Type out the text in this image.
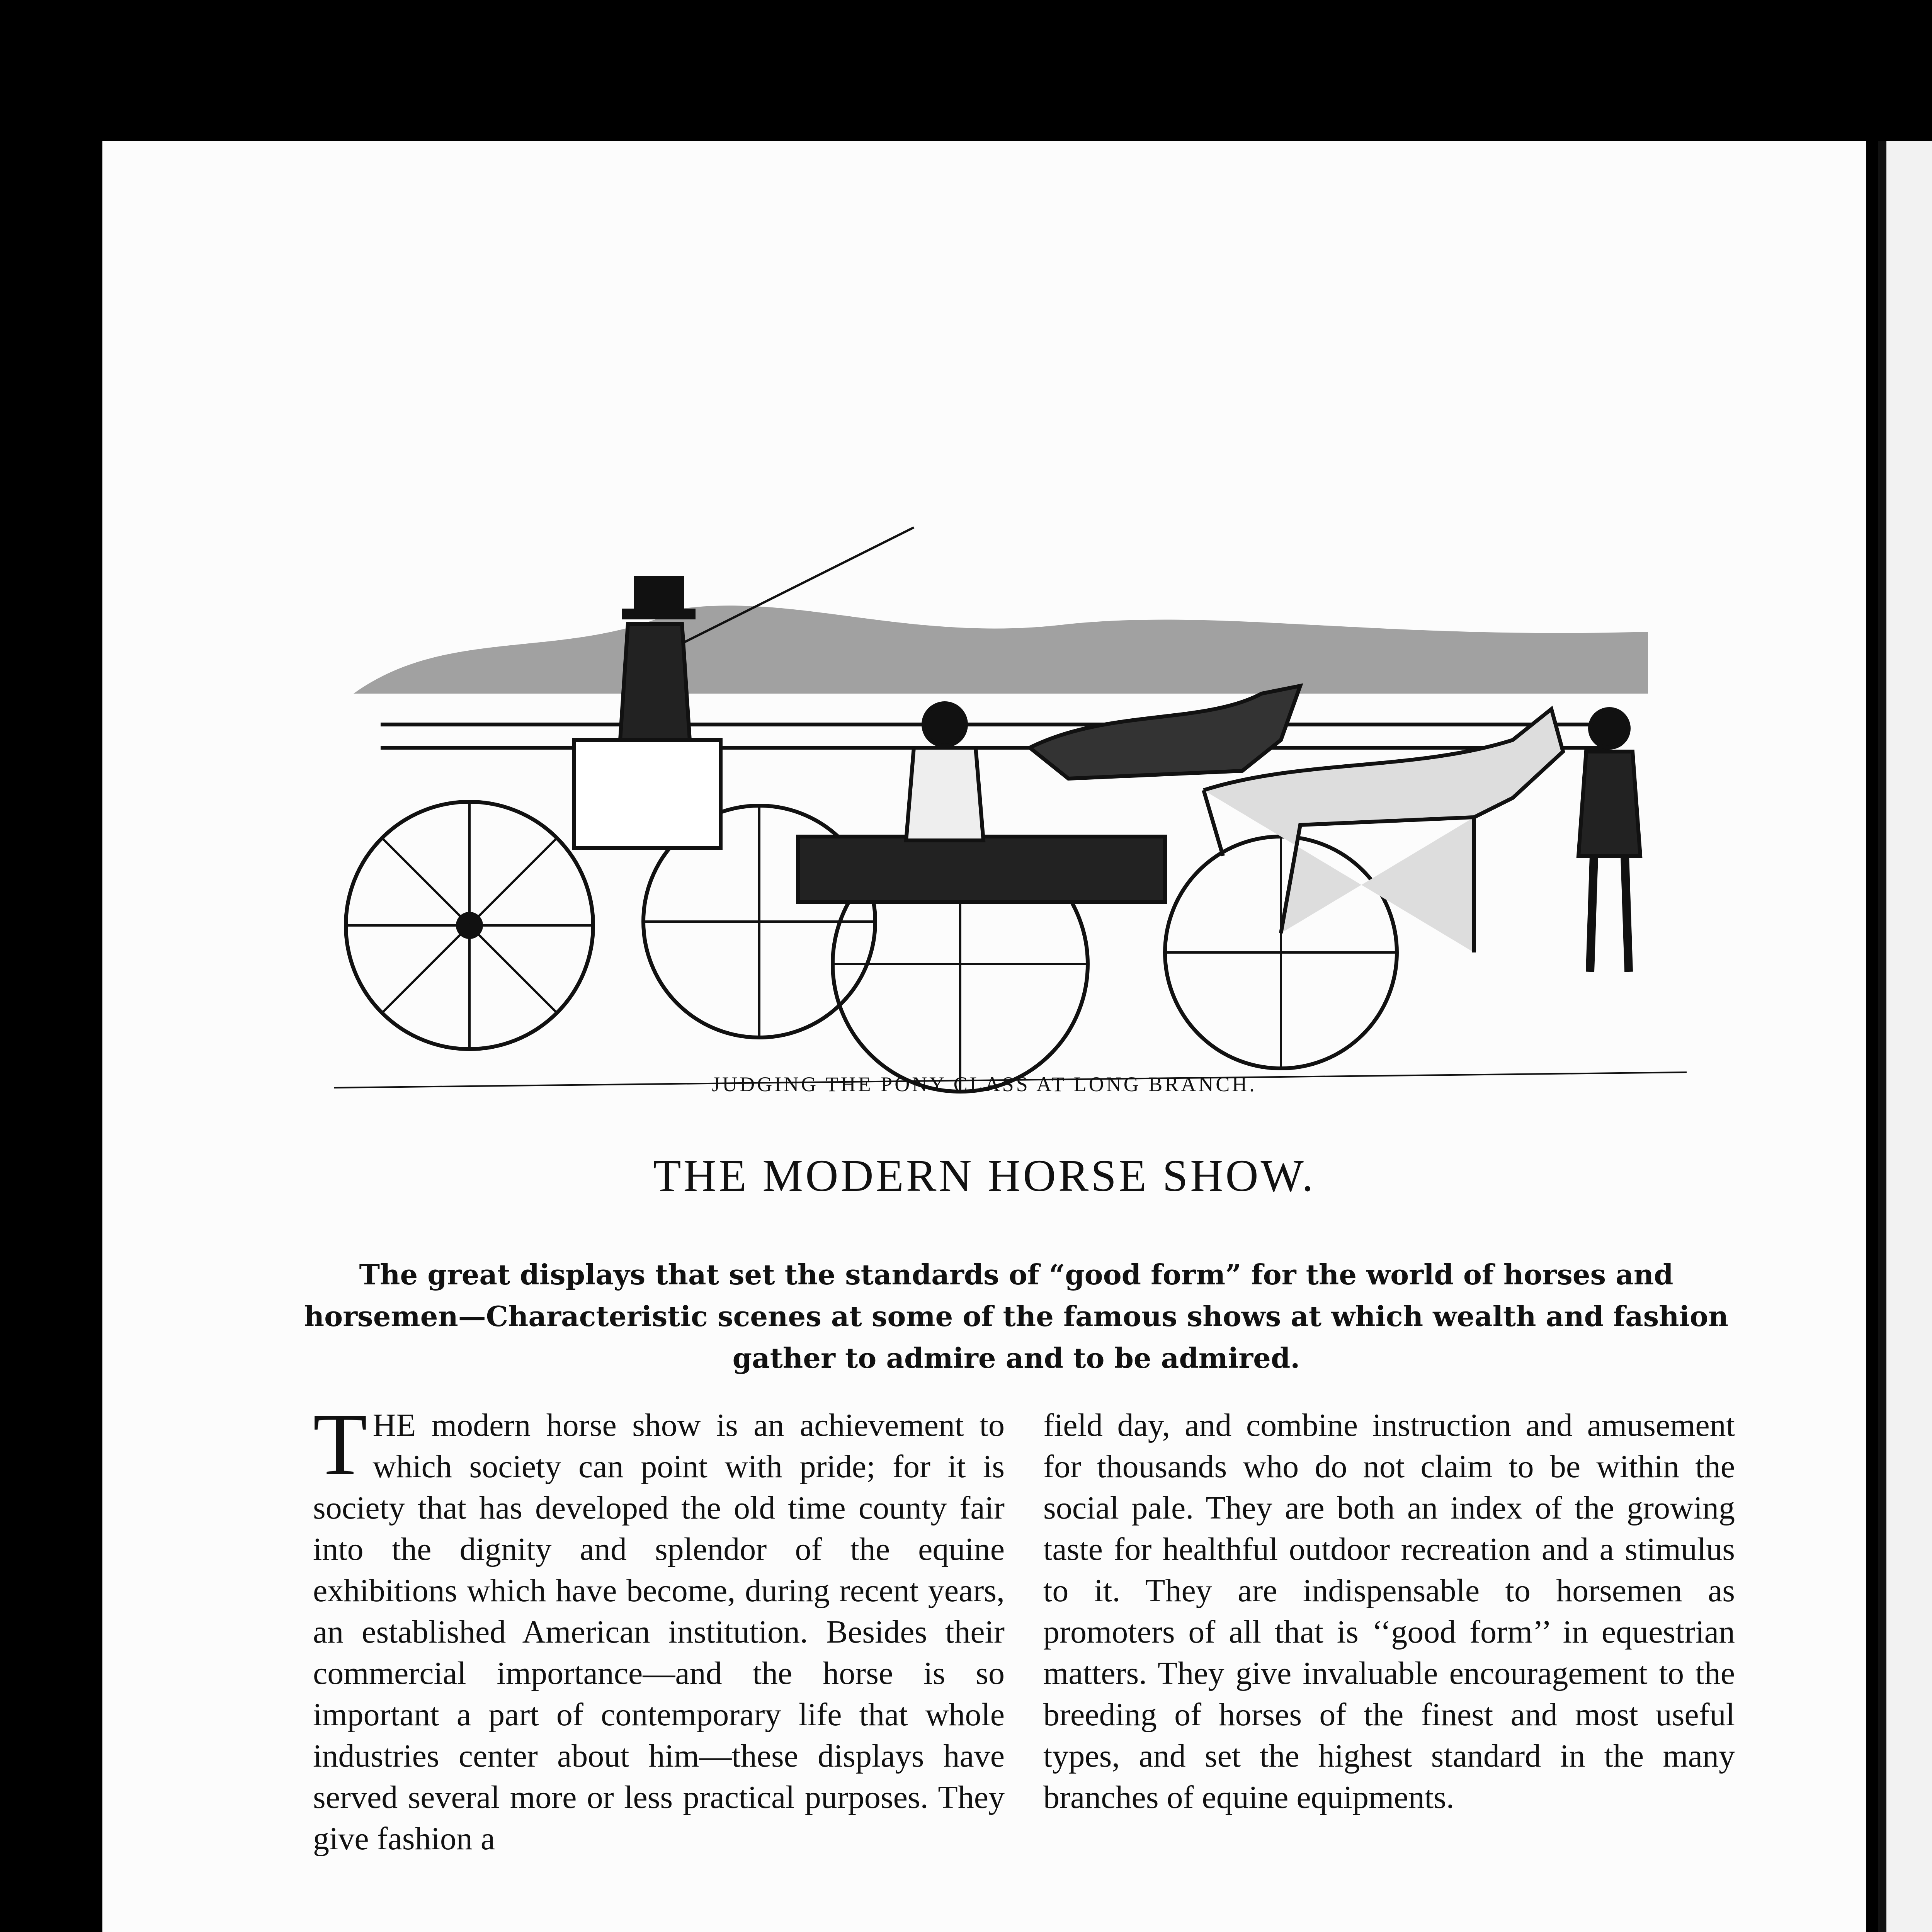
JUDGING THE PONY CLASS AT LONG BRANCH.
THE MODERN HORSE SHOW.
The great displays that set the standards of “good form” for the world of horses and horsemen—Characteristic scenes at some of the famous shows at which wealth and fashion gather to admire and to be admired.
THE modern horse show is an achievement to which society can point with pride; for it is society that has developed the old time county fair into the dignity and splendor of the equine exhibitions which have become, during recent years, an established American institution. Besides their commercial importance—and the horse is so important a part of contemporary life that whole industries center about him—these displays have served several more or less practical purposes. They give fashion a
field day, and combine instruction and amusement for thousands who do not claim to be within the social pale. They are both an index of the growing taste for healthful outdoor recreation and a stimulus to it. They are indispensable to horsemen as promoters of all that is ‘‘good form’’ in equestrian matters. They give invaluable encouragement to the breeding of horses of the finest and most useful types, and set the highest standard in the many branches of equine equipments.
